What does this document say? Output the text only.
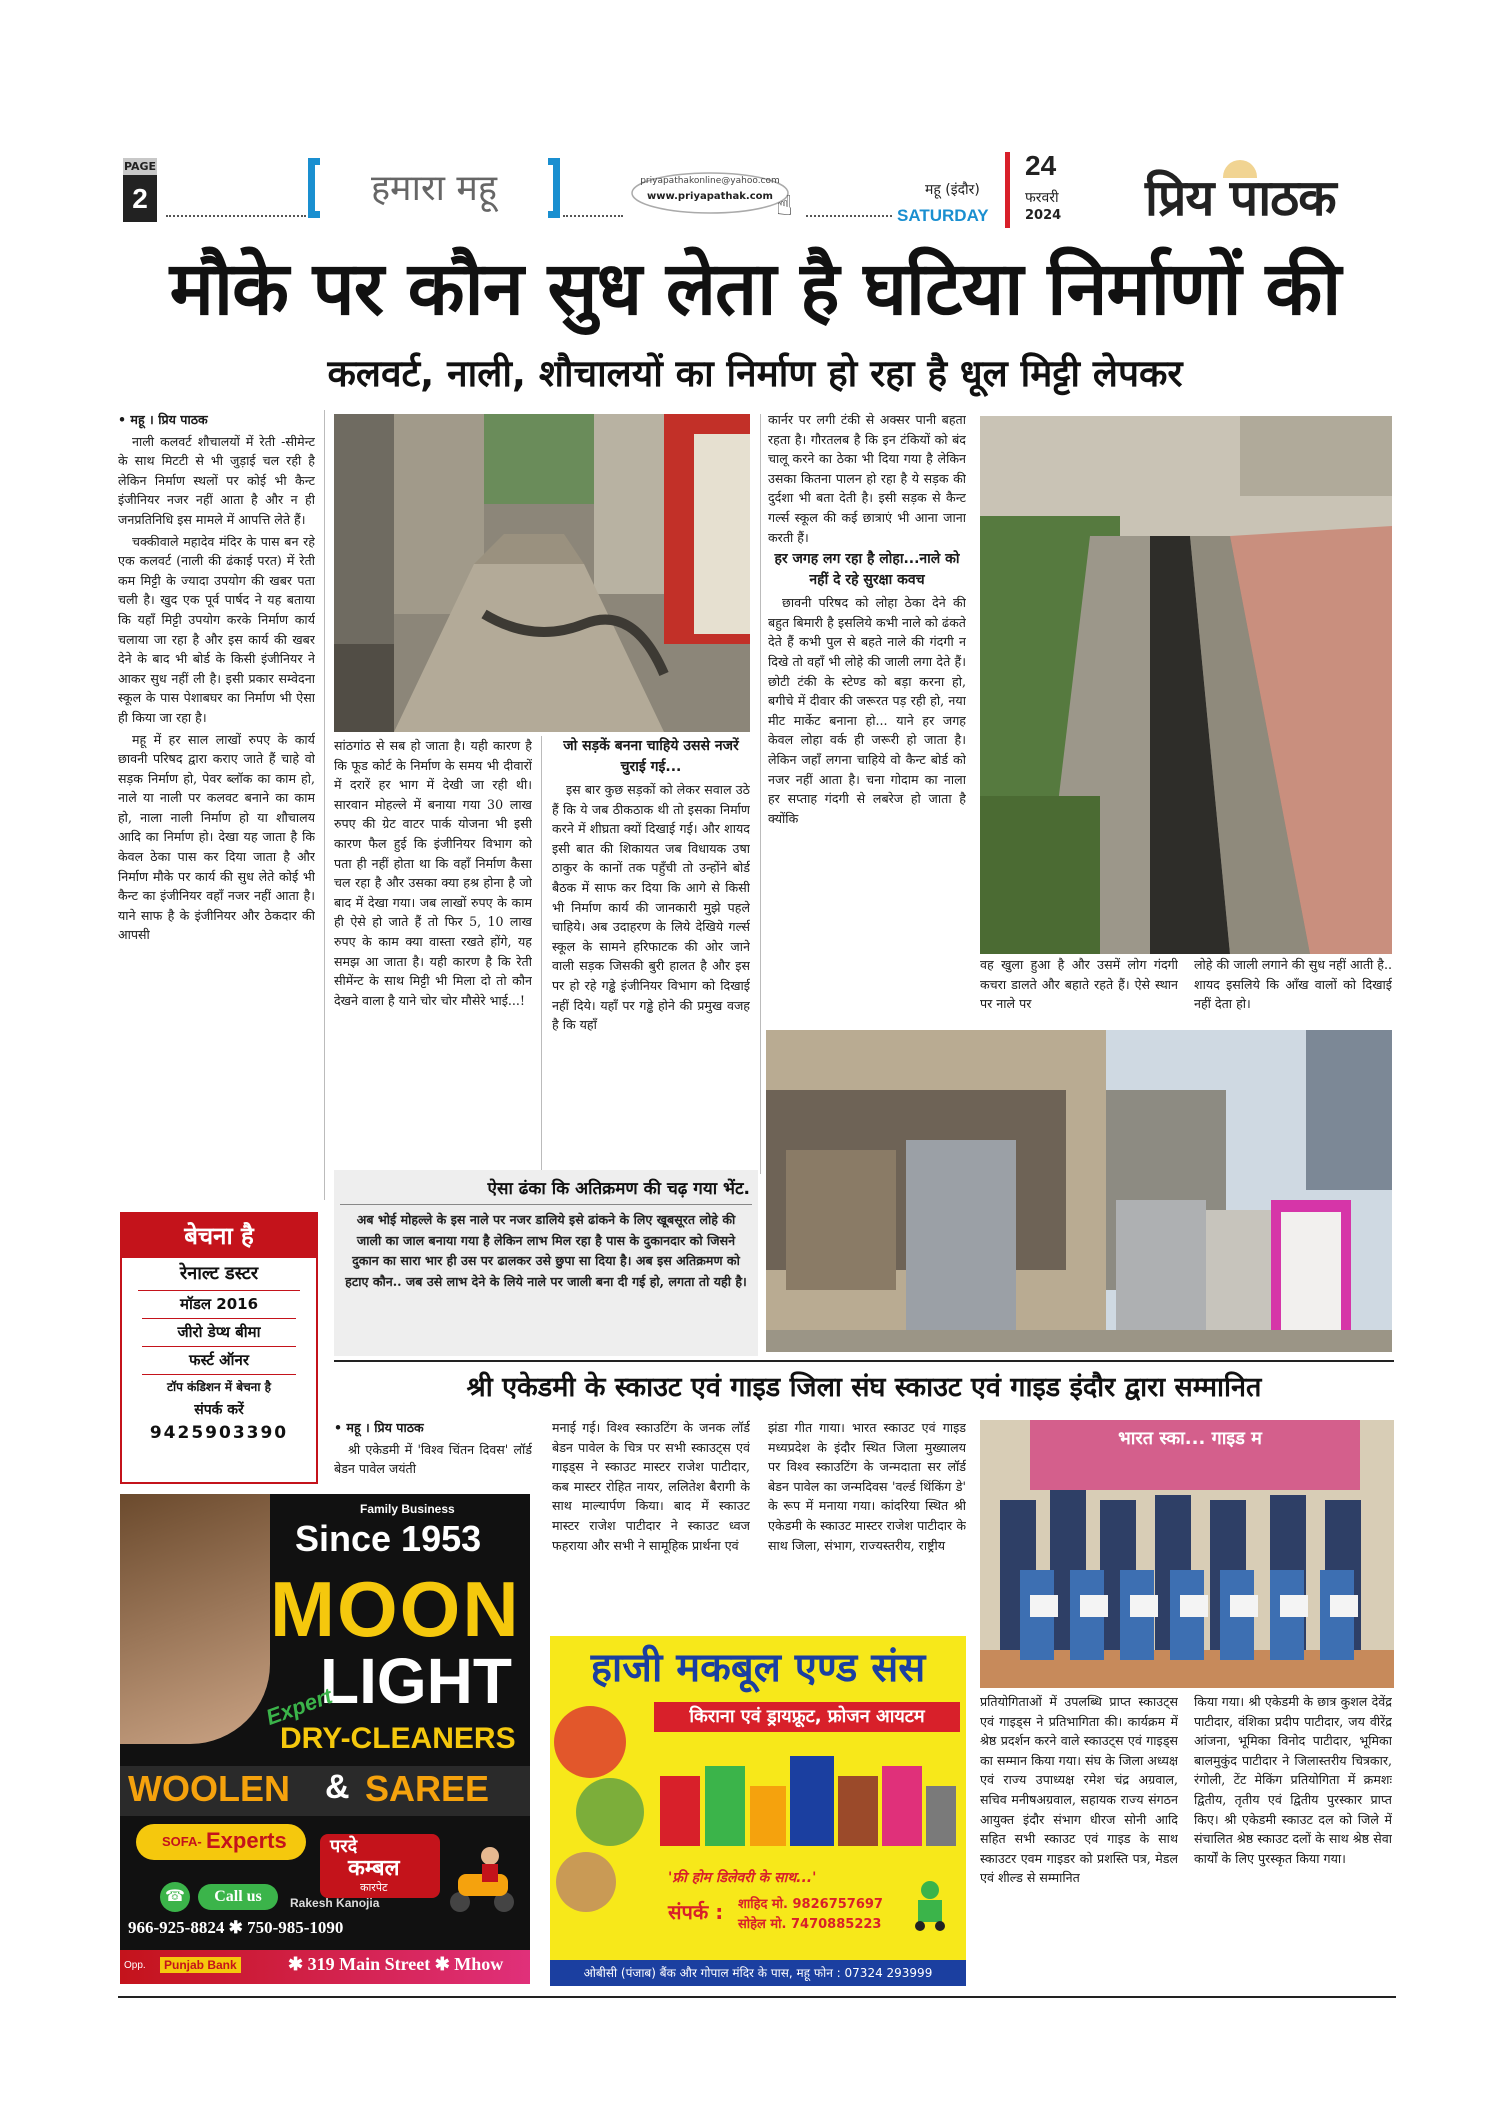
PAGE
2	हमारा महू	priyapathakonline@yahoo.com
www.priyapathak.com ☝	महू (इंदौर)
SATURDAY
24
फरवरी
2024 प्रिय पाठक
मौके पर कौन सुध लेता है घटिया निर्माणों की
कलवर्ट, नाली, शौचालयों का निर्माण हो रहा है धूल मिट्टी लेपकर

• महू । प्रिय पाठक

नाली कलवर्ट शौचालयों में रेती -सीमेन्ट के साथ मिटटी से भी जुड़ाई चल रही है लेकिन निर्माण स्थलों पर कोई भी कैन्ट इंजीनियर नजर नहीं आता है और न ही जनप्रतिनिधि इस मामले में आपत्ति लेते हैं।

चक्कीवाले महादेव मंदिर के पास बन रहे एक कलवर्ट (नाली की ढंकाई परत) में रेती कम मिट्टी के ज्यादा उपयोग की खबर पता चली है। खुद एक पूर्व पार्षद ने यह बताया कि यहाँ मिट्टी उपयोग करके निर्माण कार्य चलाया जा रहा है और इस कार्य की खबर देने के बाद भी बोर्ड के किसी इंजीनियर ने आकर सुध नहीं ली है। इसी प्रकार सम्वेदना स्कूल के पास पेशाबघर का निर्माण भी ऐसा ही किया जा रहा है।

महू में हर साल लाखों रुपए के कार्य छावनी परिषद द्वारा कराए जाते हैं चाहे वो सड़क निर्माण हो, पेवर ब्लॉक का काम हो, नाले या नाली पर कलवट बनाने का काम हो, नाला नाली निर्माण हो या शौचालय आदि का निर्माण हो। देखा यह जाता है कि केवल ठेका पास कर दिया जाता है और निर्माण मौके पर कार्य की सुध लेते कोई भी कैन्ट का इंजीनियर वहाँ नजर नहीं आता है। याने साफ है के इंजीनियर और ठेकदार की आपसी

सांठगांठ से सब हो जाता है। यही कारण है कि फूड कोर्ट के निर्माण के समय भी दीवारों में दरारें हर भाग में देखी जा रही थी। सारवान मोहल्ले में बनाया गया 30 लाख रुपए की ग्रेट वाटर पार्क योजना भी इसी कारण फैल हुई कि इंजीनियर विभाग को पता ही नहीं होता था कि वहाँ निर्माण कैसा चल रहा है और उसका क्या हश्र होना है जो बाद में देखा गया। जब लाखों रुपए के काम ही ऐसे हो जाते हैं तो फिर 5, 10 लाख रुपए के काम क्या वास्ता रखते होंगे, यह समझ आ जाता है। यही कारण है कि रेती सीमेंन्ट के साथ मिट्टी भी मिला दो तो कौन देखने वाला है याने चोर चोर मौसेरे भाई...!

जो सड़कें बनना चाहिये उससे नजरें चुराई गई...

इस बार कुछ सड़कों को लेकर सवाल उठे हैं कि ये जब ठीकठाक थी तो इसका निर्माण करने में शीघ्रता क्यों दिखाई गई। और शायद इसी बात की शिकायत जब विधायक उषा ठाकुर के कानों तक पहुँची तो उन्होंने बोर्ड बैठक में साफ कर दिया कि आगे से किसी भी निर्माण कार्य की जानकारी मुझे पहले चाहिये। अब उदाहरण के लिये देखिये गर्ल्स स्कूल के सामने हरिफाटक की ओर जाने वाली सड़क जिसकी बुरी हालत है और इस पर हो रहे गड्ढे इंजीनियर विभाग को दिखाई नहीं दिये। यहाँ पर गड्ढे होने की प्रमुख वजह है कि यहाँ

कार्नर पर लगी टंकी से अक्सर पानी बहता रहता है। गौरतलब है कि इन टंकियों को बंद चालू करने का ठेका भी दिया गया है लेकिन उसका कितना पालन हो रहा है ये सड़क की दुर्दशा भी बता देती है। इसी सड़क से कैन्ट गर्ल्स स्कूल की कई छात्राएं भी आना जाना करती हैं।

हर जगह लग रहा है लोहा...नाले को नहीं दे रहे सुरक्षा कवच

छावनी परिषद को लोहा ठेका देने की बहुत बिमारी है इसलिये कभी नाले को ढंकते देते हैं कभी पुल से बहते नाले की गंदगी न दिखे तो वहाँ भी लोहे की जाली लगा देते हैं। छोटी टंकी के स्टेण्ड को बड़ा करना हो, बगीचे में दीवार की जरूरत पड़ रही हो, नया मीट मार्केट बनाना हो... याने हर जगह केवल लोहा वर्क ही जरूरी हो जाता है। लेकिन जहाँ लगना चाहिये वो कैन्ट बोर्ड को नजर नहीं आता है। चना गोदाम का नाला हर सप्ताह गंदगी से लबरेज हो जाता है क्योंकि

वह खुला हुआ है और उसमें लोग गंदगी कचरा डालते और बहाते रहते हैं। ऐसे स्थान पर नाले पर

लोहे की जाली लगाने की सुध नहीं आती है.. शायद इसलिये कि आँख वालों को दिखाई नहीं देता हो।

ऐसा ढंका कि अतिक्रमण की चढ़ गया भेंट.
अब भोई मोहल्ले के इस नाले पर नजर डालिये इसे ढांकने के लिए खूबसूरत लोहे की जाली का जाल बनाया गया है लेकिन लाभ मिल रहा है पास के दुकानदार को जिसने दुकान का सारा भार ही उस पर ढालकर उसे छुपा सा दिया है। अब इस अतिक्रमण को हटाए कौन.. जब उसे लाभ देने के लिये नाले पर जाली बना दी गई हो, लगता तो यही है।
बेचना है
रेनाल्ट डस्टर
मॉडल 2016
जीरो डेप्थ बीमा
फर्स्ट ऑनर
टॉप कंडिशन में बेचना है
संपर्क करें
9425903390
श्री एकेडमी के स्काउट एवं गाइड जिला संघ स्काउट एवं गाइड इंदौर द्वारा सम्मानित

• महू । प्रिय पाठक

श्री एकेडमी में 'विश्व चिंतन दिवस' लॉर्ड बेडन पावेल जयंती

मनाई गई। विश्व स्काउटिंग के जनक लॉर्ड बेडन पावेल के चित्र पर सभी स्काउट्स एवं गाइड्स ने स्काउट मास्टर राजेश पाटीदार, कब मास्टर रोहित नायर, ललितेश बैरागी के साथ माल्यार्पण किया। बाद में स्काउट मास्टर राजेश पाटीदार ने स्काउट ध्वज फहराया और सभी ने सामूहिक प्रार्थना एवं

झंडा गीत गाया। भारत स्काउट एवं गाइड मध्यप्रदेश के इंदौर स्थित जिला मुख्यालय पर विश्व स्काउटिंग के जन्मदाता सर लॉर्ड बेडन पावेल का जन्मदिवस 'वर्ल्ड थिंकिंग डे' के रूप में मनाया गया। कांदरिया स्थित श्री एकेडमी के स्काउट मास्टर राजेश पाटीदार के साथ जिला, संभाग, राज्यस्तरीय, राष्ट्रीय

भारत स्का... गाइड म

प्रतियोगिताओं में उपलब्धि प्राप्त स्काउट्स एवं गाइड्स ने प्रतिभागिता की। कार्यक्रम में श्रेष्ठ प्रदर्शन करने वाले स्काउट्स एवं गाइड्स का सम्मान किया गया। संघ के जिला अध्यक्ष एवं राज्य उपाध्यक्ष रमेश चंद्र अग्रवाल, सचिव मनीषअग्रवाल, सहायक राज्य संगठन आयुक्त इंदौर संभाग धीरज सोनी आदि सहित सभी स्काउट एवं गाइड के साथ स्काउटर एवम गाइडर को प्रशस्ति पत्र, मेडल एवं शील्ड से सम्मानित

किया गया। श्री एकेडमी के छात्र कुशल देवेंद्र पाटीदार, वंशिका प्रदीप पाटीदार, जय वीरेंद्र आंजना, भूमिका विनोद पाटीदार, भूमिका बालमुकुंद पाटीदार ने जिलास्तरीय चित्रकार, रंगोली, टेंट मेकिंग प्रतियोगिता में क्रमशः द्वितीय, तृतीय एवं द्वितीय पुरस्कार प्राप्त किए। श्री एकेडमी स्काउट दल को जिले में संचालित श्रेष्ठ स्काउट दलों के साथ श्रेष्ठ सेवा कार्यों के लिए पुरस्कृत किया गया।

Family Business
Since 1953
MOON
LIGHT
Expert
DRY-CLEANERS
WOOLEN & SAREE
SOFA- Experts परदे
कम्बल
कारपेट
☎	Call us	Rakesh Kanojia
966-925-8824 ✱ 750-985-1090
Opp.	Punjab Bank	✱ 319 Main Street ✱ Mhow
हाजी मकबूल एण्ड संस
किराना एवं ड्रायफ्रूट, फ्रोजन आयटम
'फ्री होम डिलेवरी के साथ...'
संपर्क : शाहिद मो. 9826757697
सोहेल मो. 7470885223
ओबीसी (पंजाब) बैंक और गोपाल मंदिर के पास, महू फोन : 07324 293999
